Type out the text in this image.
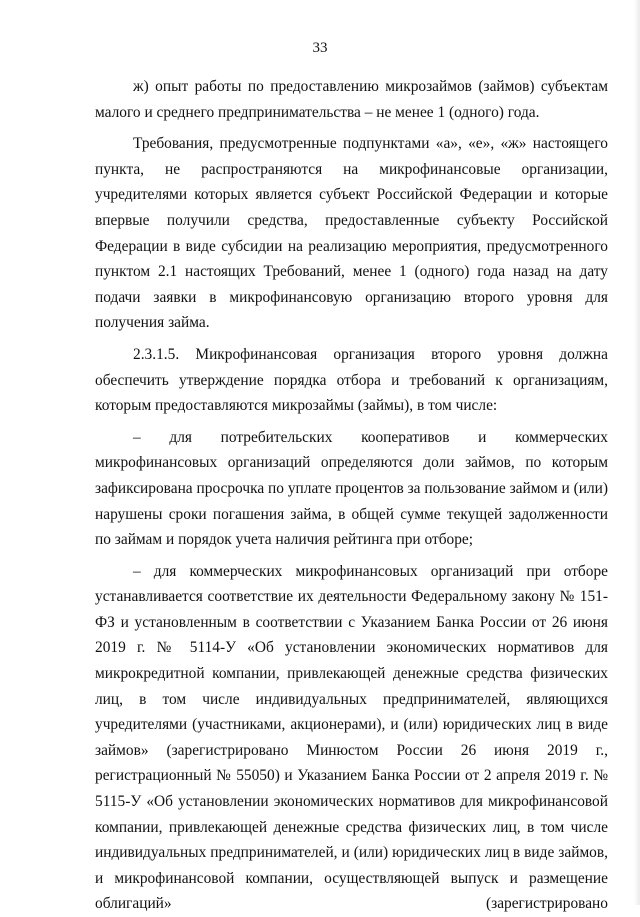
33

ж) опыт работы по предоставлению микрозаймов (займов) субъектам малого и среднего предпринимательства – не менее 1 (одного) года.

Требования, предусмотренные подпунктами «а», «е», «ж» настоящего пункта, не распространяются на микрофинансовые организации, учредителями которых является субъект Российской Федерации и которые впервые получили средства, предоставленные субъекту Российской Федерации в виде субсидии на реализацию мероприятия, предусмотренного пунктом 2.1 настоящих Требований, менее 1 (одного) года назад на дату подачи заявки в микрофинансовую организацию второго уровня для получения займа.

2.3.1.5. Микрофинансовая организация второго уровня должна обеспечить утверждение порядка отбора и требований к организациям, которым предоставляются микрозаймы (займы), в том числе:

– для потребительских кооперативов и коммерческих микрофинансовых организаций определяются доли займов, по которым зафиксирована просрочка по уплате процентов за пользование займом и (или) нарушены сроки погашения займа, в общей сумме текущей задолженности по займам и порядок учета наличия рейтинга при отборе;

– для коммерческих микрофинансовых организаций при отборе устанавливается соответствие их деятельности Федеральному закону № 151-ФЗ и установленным в соответствии с Указанием Банка России от 26 июня 2019 г. № 5114-У «Об установлении экономических нормативов для микрокредитной компании, привлекающей денежные средства физических лиц, в том числе индивидуальных предпринимателей, являющихся учредителями (участниками, акционерами), и (или) юридических лиц в виде займов» (зарегистрировано Минюстом России 26 июня 2019 г., регистрационный № 55050) и Указанием Банка России от 2 апреля 2019 г. № 5115-У «Об установлении экономических нормативов для микрофинансовой компании, привлекающей денежные средства физических лиц, в том числе индивидуальных предпринимателей, и (или) юридических лиц в виде займов, и микрофинансовой компании, осуществляющей выпуск и размещение облигаций» (зарегистрировано
